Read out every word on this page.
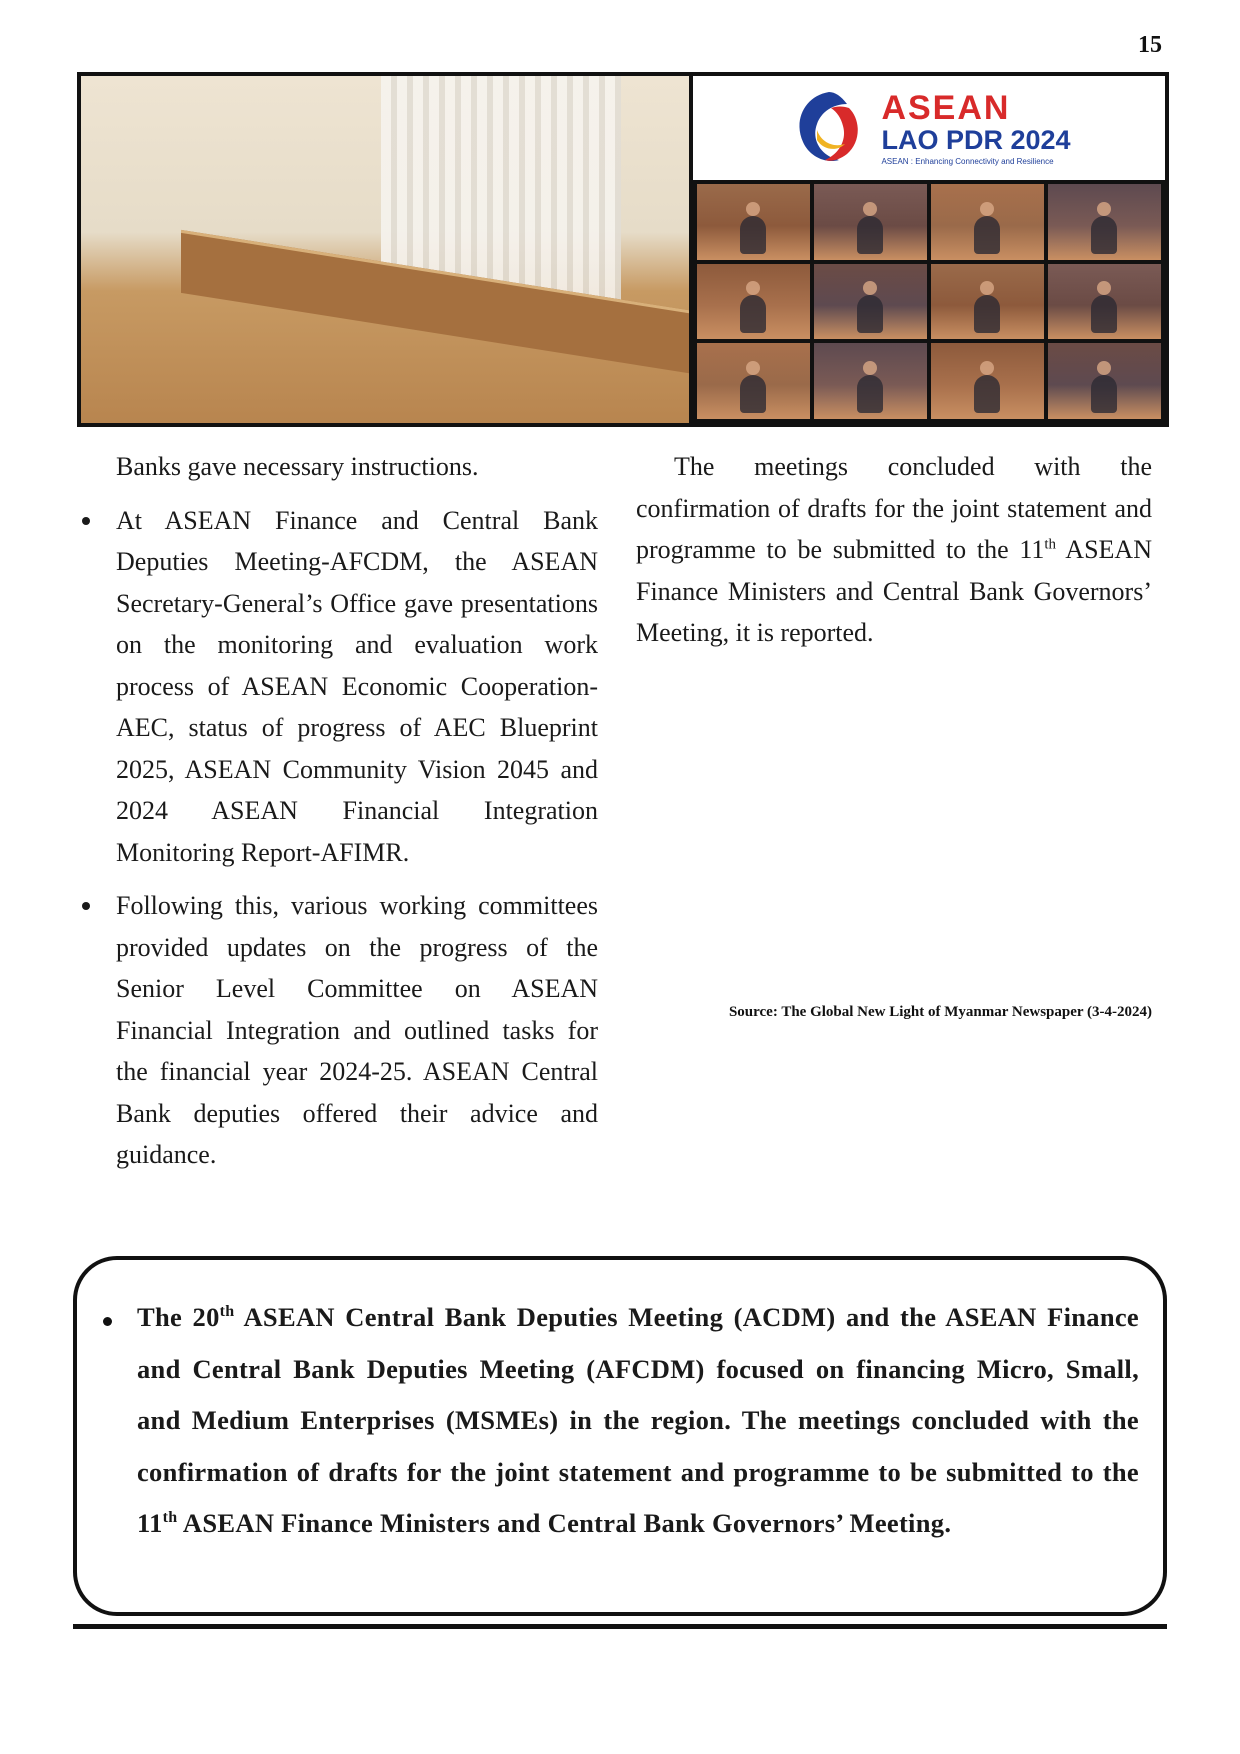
15
ASEAN
LAO PDR 2024
ASEAN : Enhancing Connectivity and Resilience

Banks gave necessary instructions.

At ASEAN Finance and Central Bank Deputies Meeting-AFCDM, the ASEAN Secretary-General’s Office gave presentations on the monitoring and evaluation work process of ASEAN Economic Cooperation-AEC, status of progress of AEC Blueprint 2025, ASEAN Community Vision 2045 and 2024 ASEAN Financial Integration Monitoring Report-AFIMR.

Following this, various working committees provided updates on the progress of the Senior Level Committee on ASEAN Financial Integration and outlined tasks for the financial year 2024-25. ASEAN Central Bank deputies offered their advice and guidance.

The meetings concluded with the confirmation of drafts for the joint statement and programme to be submitted to the 11th ASEAN Finance Ministers and Central Bank Governors’ Meeting, it is reported.

Source: The Global New Light of Myanmar Newspaper (3-4-2024)

The 20th ASEAN Central Bank Deputies Meeting (ACDM) and the ASEAN Finance and Central Bank Deputies Meeting (AFCDM) focused on financing Micro, Small, and Medium Enterprises (MSMEs) in the region. The meetings concluded with the confirmation of drafts for the joint statement and programme to be submitted to the 11th ASEAN Finance Ministers and Central Bank Governors’ Meeting.
